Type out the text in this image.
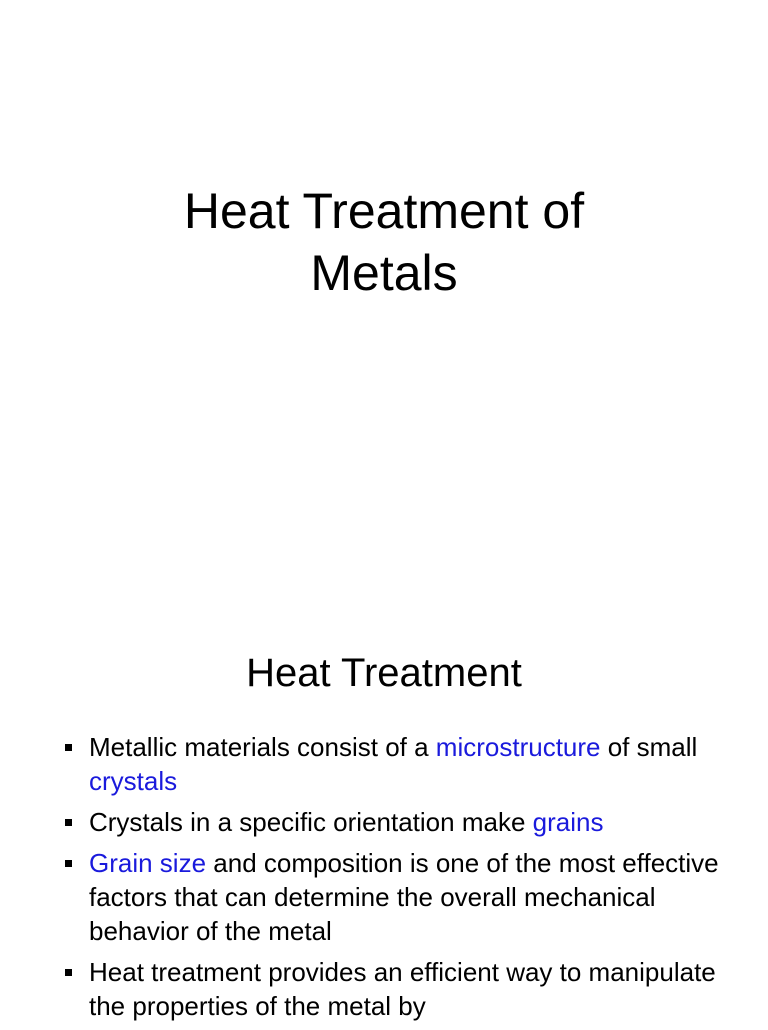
Heat Treatment of
Metals
Heat Treatment
Metallic materials consist of a microstructure of small crystals
Crystals in a specific orientation make grains
Grain size and composition is one of the most effective factors that can determine the overall mechanical behavior of the metal
Heat treatment provides an efficient way to manipulate the properties of the metal by
